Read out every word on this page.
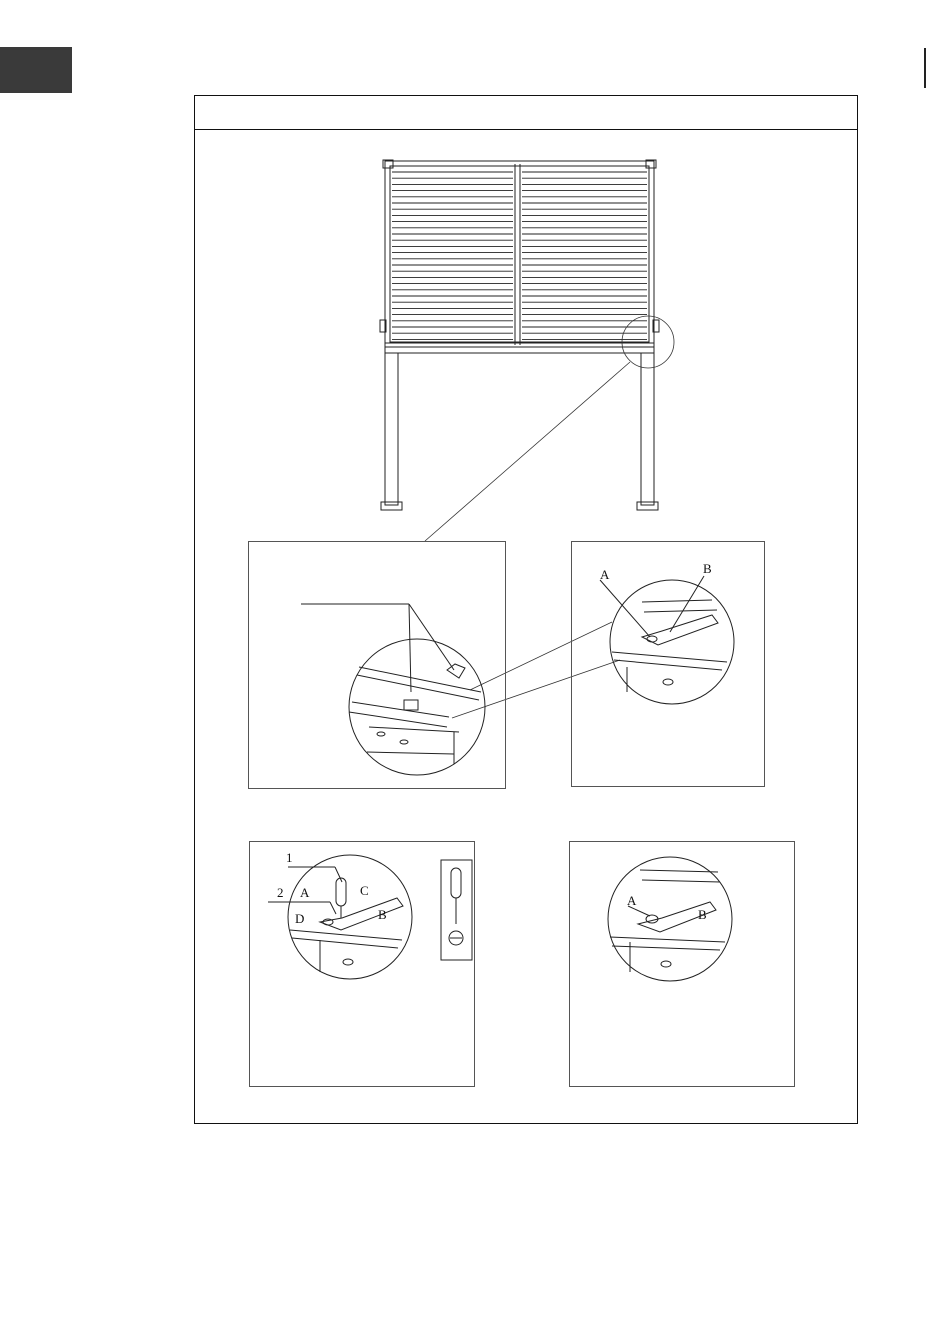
A	B
1
2 A
B
C
D
A
B
